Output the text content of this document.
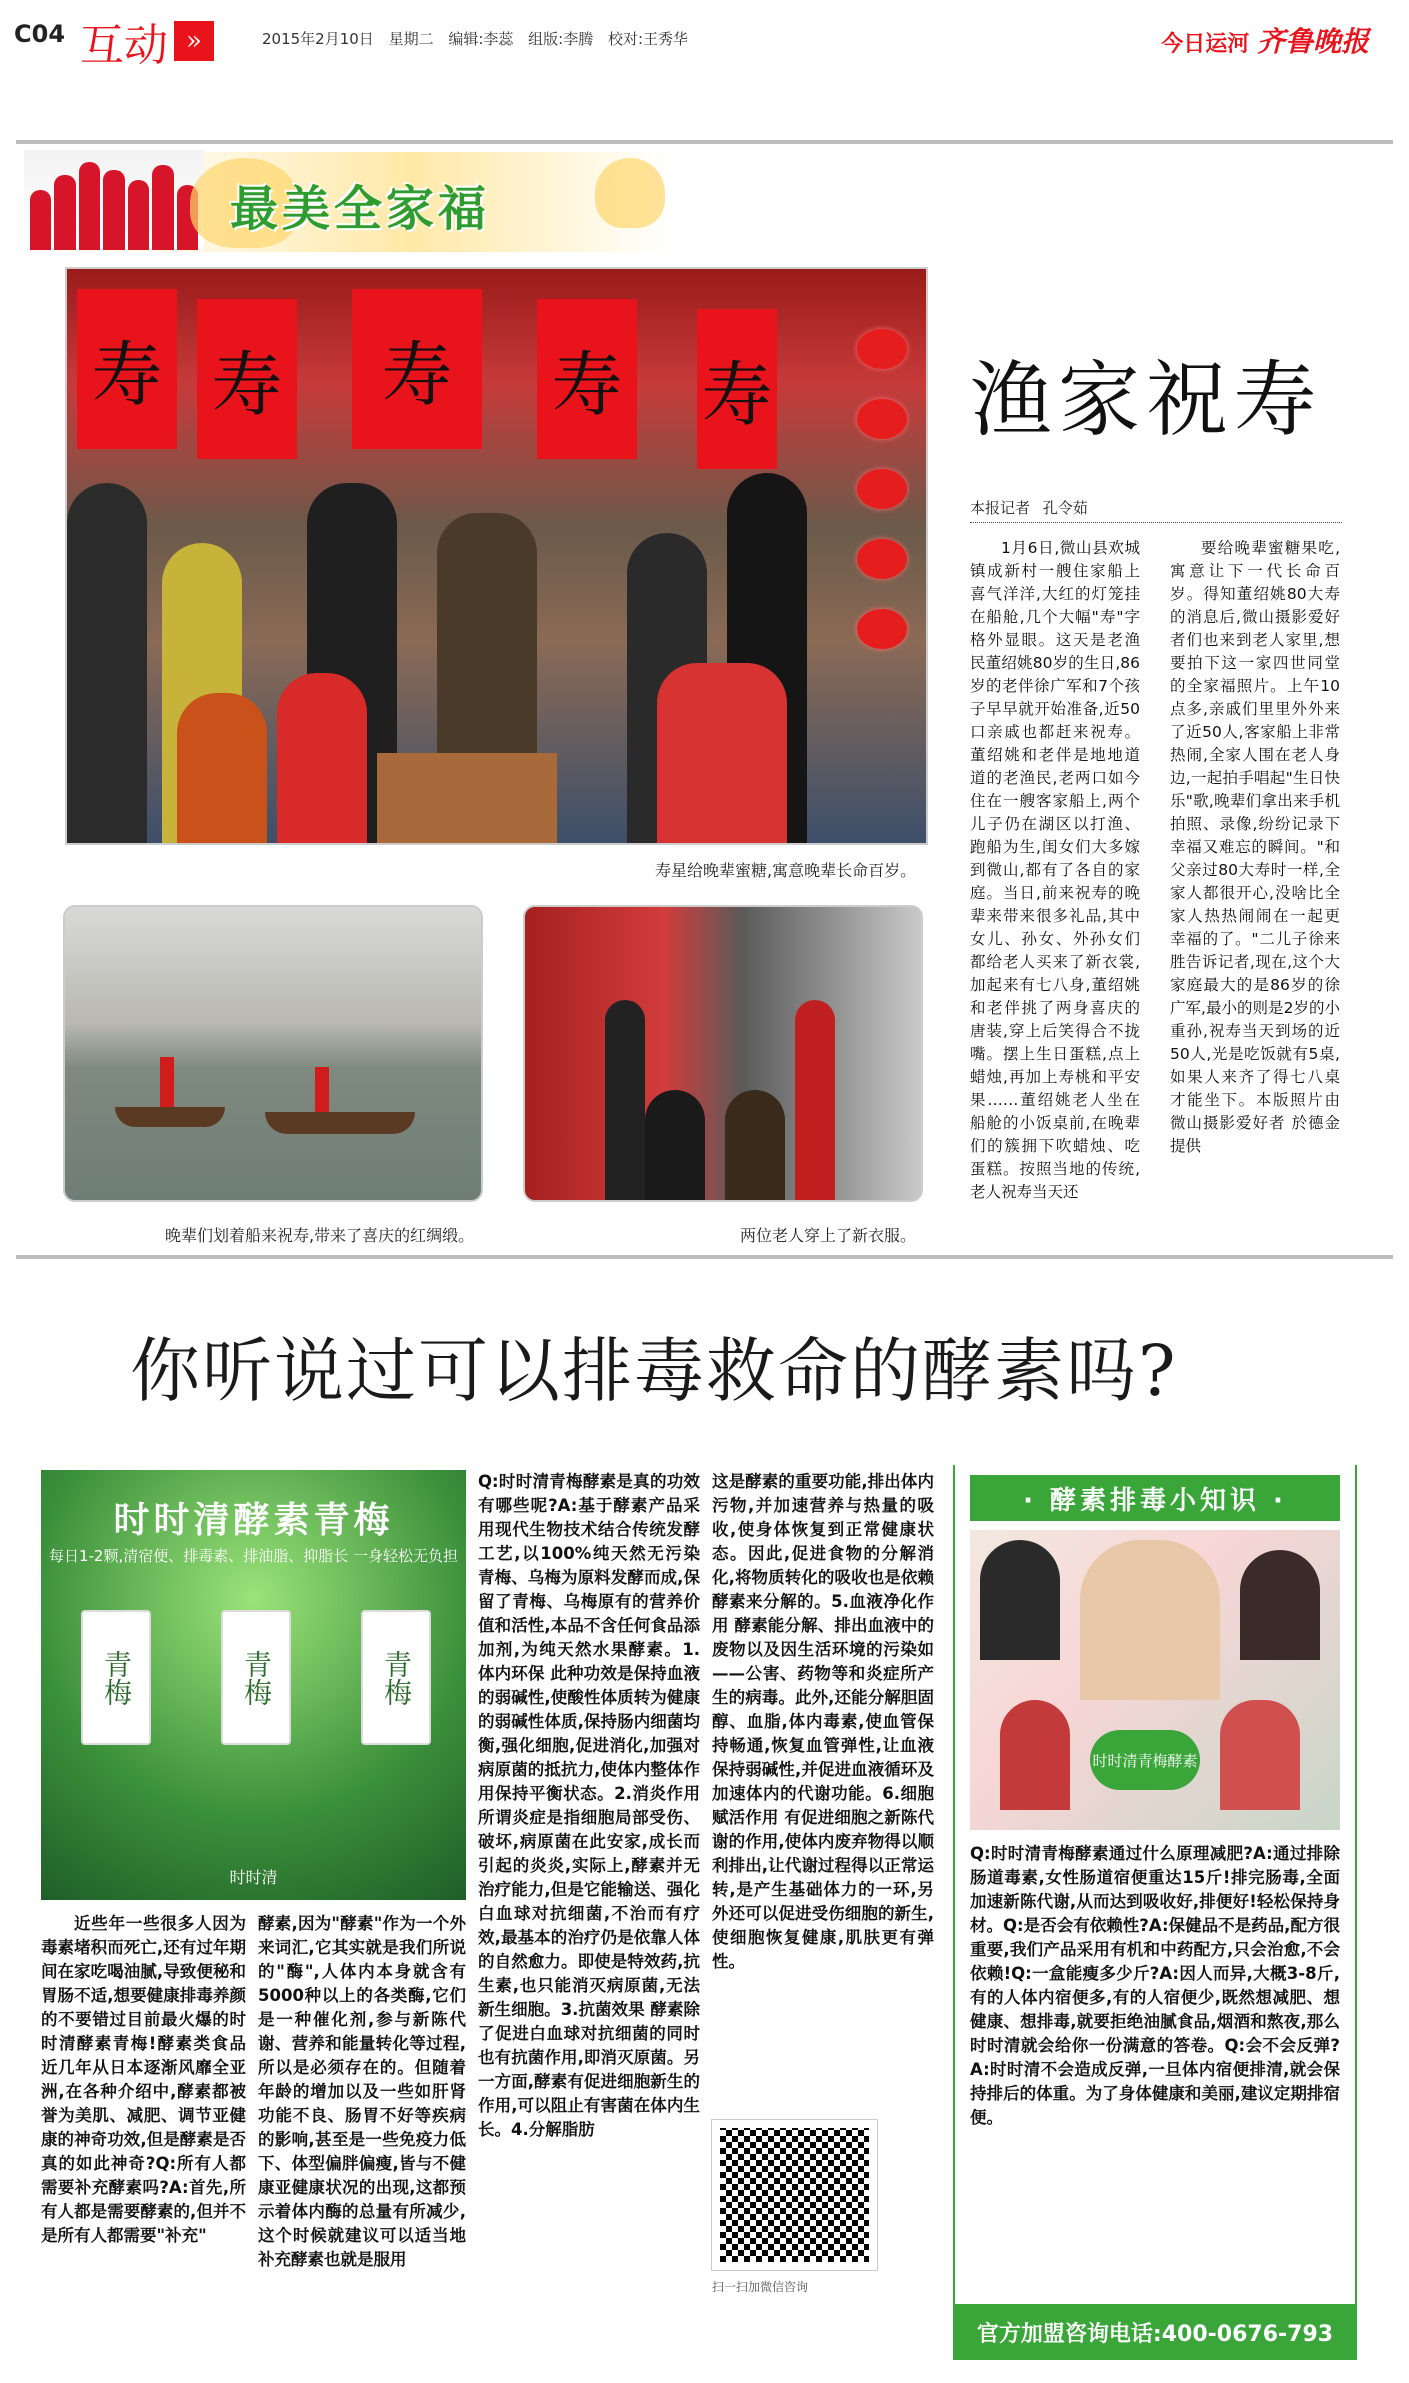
C04 互动 »	2015年2月10日 星期二 编辑:李蕊 组版:李腾 校对:王秀华	今日运河 齐鲁晚报
最美全家福
寿 寿	寿	寿 寿
寿星给晚辈蜜糖,寓意晚辈长命百岁。
晚辈们划着船来祝寿,带来了喜庆的红绸缎。	两位老人穿上了新衣服。
渔家祝寿
本报记者 孔令茹
1月6日,微山县欢城镇成新村一艘住家船上喜气洋洋,大红的灯笼挂在船舱,几个大幅"寿"字格外显眼。这天是老渔民董绍姚80岁的生日,86岁的老伴徐广军和7个孩子早早就开始准备,近50口亲戚也都赶来祝寿。董绍姚和老伴是地地道道的老渔民,老两口如今住在一艘客家船上,两个儿子仍在湖区以打渔、跑船为生,闺女们大多嫁到微山,都有了各自的家庭。当日,前来祝寿的晚辈来带来很多礼品,其中女儿、孙女、外孙女们都给老人买来了新衣裳,加起来有七八身,董绍姚和老伴挑了两身喜庆的唐装,穿上后笑得合不拢嘴。摆上生日蛋糕,点上蜡烛,再加上寿桃和平安果……董绍姚老人坐在船舱的小饭桌前,在晚辈们的簇拥下吹蜡烛、吃蛋糕。按照当地的传统,老人祝寿当天还
要给晚辈蜜糖果吃,寓意让下一代长命百岁。得知董绍姚80大寿的消息后,微山摄影爱好者们也来到老人家里,想要拍下这一家四世同堂的全家福照片。上午10点多,亲戚们里里外外来了近50人,客家船上非常热闹,全家人围在老人身边,一起拍手唱起"生日快乐"歌,晚辈们拿出来手机拍照、录像,纷纷记录下幸福又难忘的瞬间。"和父亲过80大寿时一样,全家人都很开心,没啥比全家人热热闹闹在一起更幸福的了。"二儿子徐来胜告诉记者,现在,这个大家庭最大的是86岁的徐广军,最小的则是2岁的小重孙,祝寿当天到场的近50人,光是吃饭就有5桌,如果人来齐了得七八桌才能坐下。本版照片由微山摄影爱好者 於德金 提供
你听说过可以排毒救命的酵素吗?
时时清酵素青梅
每日1-2颗,清宿便、排毒素、排油脂、抑脂长 一身轻松无负担
青梅	青梅	青梅
时时清
近些年一些很多人因为毒素堵积而死亡,还有过年期间在家吃喝油腻,导致便秘和胃肠不适,想要健康排毒养颜的不要错过目前最火爆的时时清酵素青梅!酵素类食品近几年从日本逐渐风靡全亚洲,在各种介绍中,酵素都被誉为美肌、减肥、调节亚健康的神奇功效,但是酵素是否真的如此神奇?Q:所有人都需要补充酵素吗?A:首先,所有人都是需要酵素的,但并不是所有人都需要"补充"
酵素,因为"酵素"作为一个外来词汇,它其实就是我们所说的"酶",人体内本身就含有5000种以上的各类酶,它们是一种催化剂,参与新陈代谢、营养和能量转化等过程,所以是必须存在的。但随着年龄的增加以及一些如肝肾功能不良、肠胃不好等疾病的影响,甚至是一些免疫力低下、体型偏胖偏瘦,皆与不健康亚健康状况的出现,这都预示着体内酶的总量有所减少,这个时候就建议可以适当地补充酵素也就是服用
Q:时时清青梅酵素是真的功效有哪些呢?A:基于酵素产品采用现代生物技术结合传统发酵工艺,以100%纯天然无污染青梅、乌梅为原料发酵而成,保留了青梅、乌梅原有的营养价值和活性,本品不含任何食品添加剂,为纯天然水果酵素。1.体内环保 此种功效是保持血液的弱碱性,使酸性体质转为健康的弱碱性体质,保持肠内细菌均衡,强化细胞,促进消化,加强对病原菌的抵抗力,使体内整体作用保持平衡状态。2.消炎作用 所谓炎症是指细胞局部受伤、破坏,病原菌在此安家,成长而引起的炎炎,实际上,酵素并无治疗能力,但是它能输送、强化白血球对抗细菌,不治而有疗效,最基本的治疗仍是依靠人体的自然愈力。即使是特效药,抗生素,也只能消灭病原菌,无法新生细胞。3.抗菌效果 酵素除了促进白血球对抗细菌的同时也有抗菌作用,即消灭原菌。另一方面,酵素有促进细胞新生的作用,可以阻止有害菌在体内生长。4.分解脂肪
这是酵素的重要功能,排出体内污物,并加速营养与热量的吸收,使身体恢复到正常健康状态。因此,促进食物的分解消化,将物质转化的吸收也是依赖酵素来分解的。5.血液净化作用 酵素能分解、排出血液中的废物以及因生活环境的污染如——公害、药物等和炎症所产生的病毒。此外,还能分解胆固醇、血脂,体内毒素,使血管保持畅通,恢复血管弹性,让血液保持弱碱性,并促进血液循环及加速体内的代谢功能。6.细胞赋活作用 有促进细胞之新陈代谢的作用,使体内废弃物得以顺利排出,让代谢过程得以正常运转,是产生基础体力的一环,另外还可以促进受伤细胞的新生,使细胞恢复健康,肌肤更有弹性。
扫一扫加微信咨询
· 酵素排毒小知识 ·
时时清青梅酵素
Q:时时清青梅酵素通过什么原理减肥?A:通过排除肠道毒素,女性肠道宿便重达15斤!排完肠毒,全面加速新陈代谢,从而达到吸收好,排便好!轻松保持身材。Q:是否会有依赖性?A:保健品不是药品,配方很重要,我们产品采用有机和中药配方,只会治愈,不会依赖!Q:一盒能瘦多少斤?A:因人而异,大概3-8斤,有的人体内宿便多,有的人宿便少,既然想减肥、想健康、想排毒,就要拒绝油腻食品,烟酒和熬夜,那么时时清就会给你一份满意的答卷。Q:会不会反弹?A:时时清不会造成反弹,一旦体内宿便排清,就会保持排后的体重。为了身体健康和美丽,建议定期排宿便。
官方加盟咨询电话:400-0676-793
